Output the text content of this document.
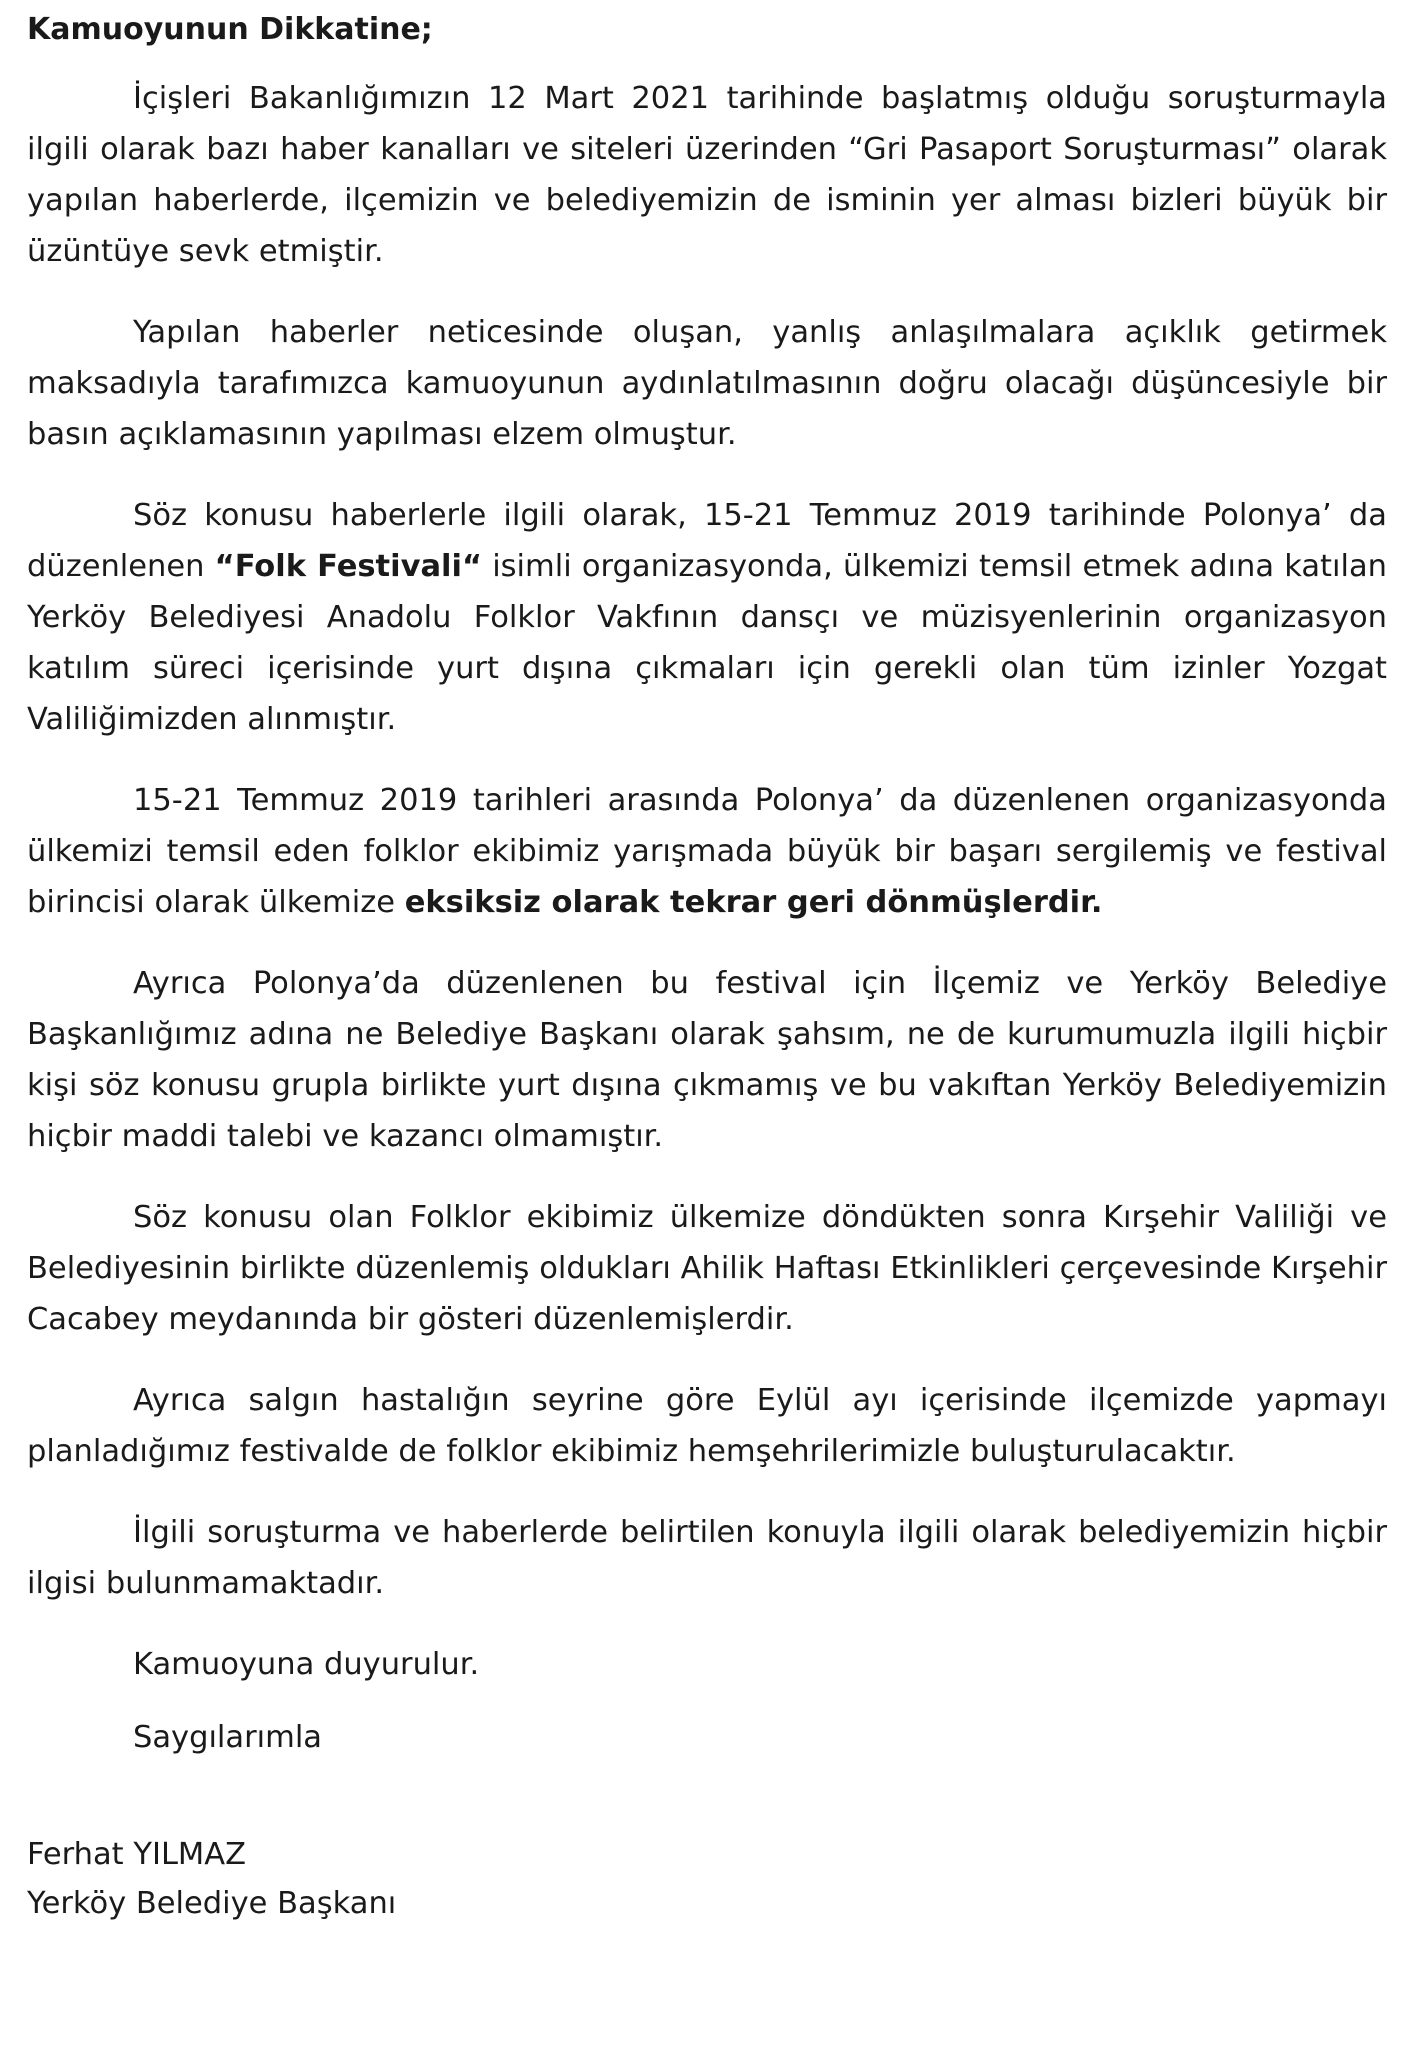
Kamuoyunun Dikkatine;

İçişleri Bakanlığımızın 12 Mart 2021 tarihinde başlatmış olduğu soruşturmayla ilgili olarak bazı haber kanalları ve siteleri üzerinden “Gri Pasaport Soruşturması” olarak yapılan haberlerde, ilçemizin ve belediyemizin de isminin yer alması bizleri büyük bir üzüntüye sevk etmiştir.

Yapılan haberler neticesinde oluşan, yanlış anlaşılmalara açıklık getirmek maksadıyla tarafımızca kamuoyunun aydınlatılmasının doğru olacağı düşüncesiyle bir basın açıklamasının yapılması elzem olmuştur.

Söz konusu haberlerle ilgili olarak, 15-21 Temmuz 2019 tarihinde Polonya’ da düzenlenen “Folk Festivali“ isimli organizasyonda, ülkemizi temsil etmek adına katılan Yerköy Belediyesi Anadolu Folklor Vakfının dansçı ve müzisyenlerinin organizasyon katılım süreci içerisinde yurt dışına çıkmaları için gerekli olan tüm izinler Yozgat Valiliğimizden alınmıştır.

15-21 Temmuz 2019 tarihleri arasında Polonya’ da düzenlenen organizasyonda ülkemizi temsil eden folklor ekibimiz yarışmada büyük bir başarı sergilemiş ve festival birincisi olarak ülkemize eksiksiz olarak tekrar geri dönmüşlerdir.

Ayrıca Polonya’da düzenlenen bu festival için İlçemiz ve Yerköy Belediye Başkanlığımız adına ne Belediye Başkanı olarak şahsım, ne de kurumumuzla ilgili hiçbir kişi söz konusu grupla birlikte yurt dışına çıkmamış ve bu vakıftan Yerköy Belediyemizin hiçbir maddi talebi ve kazancı olmamıştır.

Söz konusu olan Folklor ekibimiz ülkemize döndükten sonra Kırşehir Valiliği ve Belediyesinin birlikte düzenlemiş oldukları Ahilik Haftası Etkinlikleri çerçevesinde Kırşehir Cacabey meydanında bir gösteri düzenlemişlerdir.

Ayrıca salgın hastalığın seyrine göre Eylül ayı içerisinde ilçemizde yapmayı planladığımız festivalde de folklor ekibimiz hemşehrilerimizle buluşturulacaktır.

İlgili soruşturma ve haberlerde belirtilen konuyla ilgili olarak belediyemizin hiçbir ilgisi bulunmamaktadır.

Kamuoyuna duyurulur.

Saygılarımla

Ferhat YILMAZ

Yerköy Belediye Başkanı
